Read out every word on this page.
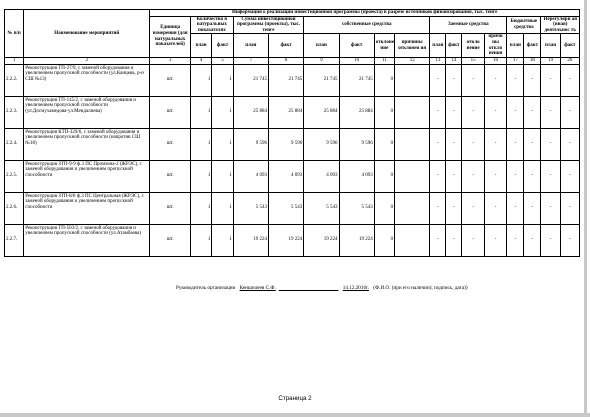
№ п/п	Наименование мероприятий	Информация о реализации инвестиционной программы (проекта) в разрезе источников финансирования, тыс. тенге																
		Единица измерения (для натуральных показателей)	Количество в натуральных показателях		Сумма инвестиционной программы (проекты), тыс. тенге		собственные средства				Заемные средства				Бюджетные средства		Нерегулярн ая (иная) деятельнос ть	
			план	факт	план	факт	план	факт	отклоне ние	причины отклонен ия	план	факт	откло нение	причи ны откло нения	план	факт	план	факт
1	2	3	4	5	7	8	9	10	11	12	13	14	15	16	17	18	19	20
2.2.2.	Реконструкция ТП-27/9, с заменой оборудования и увеличением пропускной способности (ул.Канцева, р-н СШ №13)	шт.	1	1	21 745	21 745	21 745	21 745	0		-	-	-	-	-	-	-	-
2.2.3.	Реконструкция ТП-145/2, с заменой оборудования и увеличением пропускной способности (ул.Досмухамедова-ул.Мендалиева)	шт.	1	1	25 884	25 884	25 884	25 884	0		-	-	-	-	-	-	-	-
2.2.4.	Реконструкция КТП-329/6, с заменой оборудования и увеличением пропускной способности (напротив СШ №18)	шт.	1	1	9 596	9 596	9 596	9 596	0		-	-	-	-	-	-	-	-
2.2.5.	Реконструкция ЗТП-9-9 ф.3 ПС Промзона-2 (ЖРЭС), с заменой оборудования и увеличением пропускной способности	шт.	1	1	4 093	4 093	4 093	4 093	0		-	-	-	-	-	-	-	-
2.2.6.	Реконструкция ЗТП-8/8 ф.3 ПС Центральная (ЖРЭС), с заменой оборудования и увеличением пропускной способности	шт.	1	1	5 543	5 543	5 543	5 543	0		-	-	-	-	-	-	-	-
2.2.7.	Реконструкция ТП-503/2, с заменой оборудования и увеличением пропускной способности (ул.Атамбаева)	шт.	1	1	19 224	19 224	19 224	19 224	0		-	-	-	-	-	-	-	-
Руководитель организации Кеншилеев С.Ф.	14.12.2016г. (Ф.И.О. (при его наличии), подпись, дата))
Страница 2
